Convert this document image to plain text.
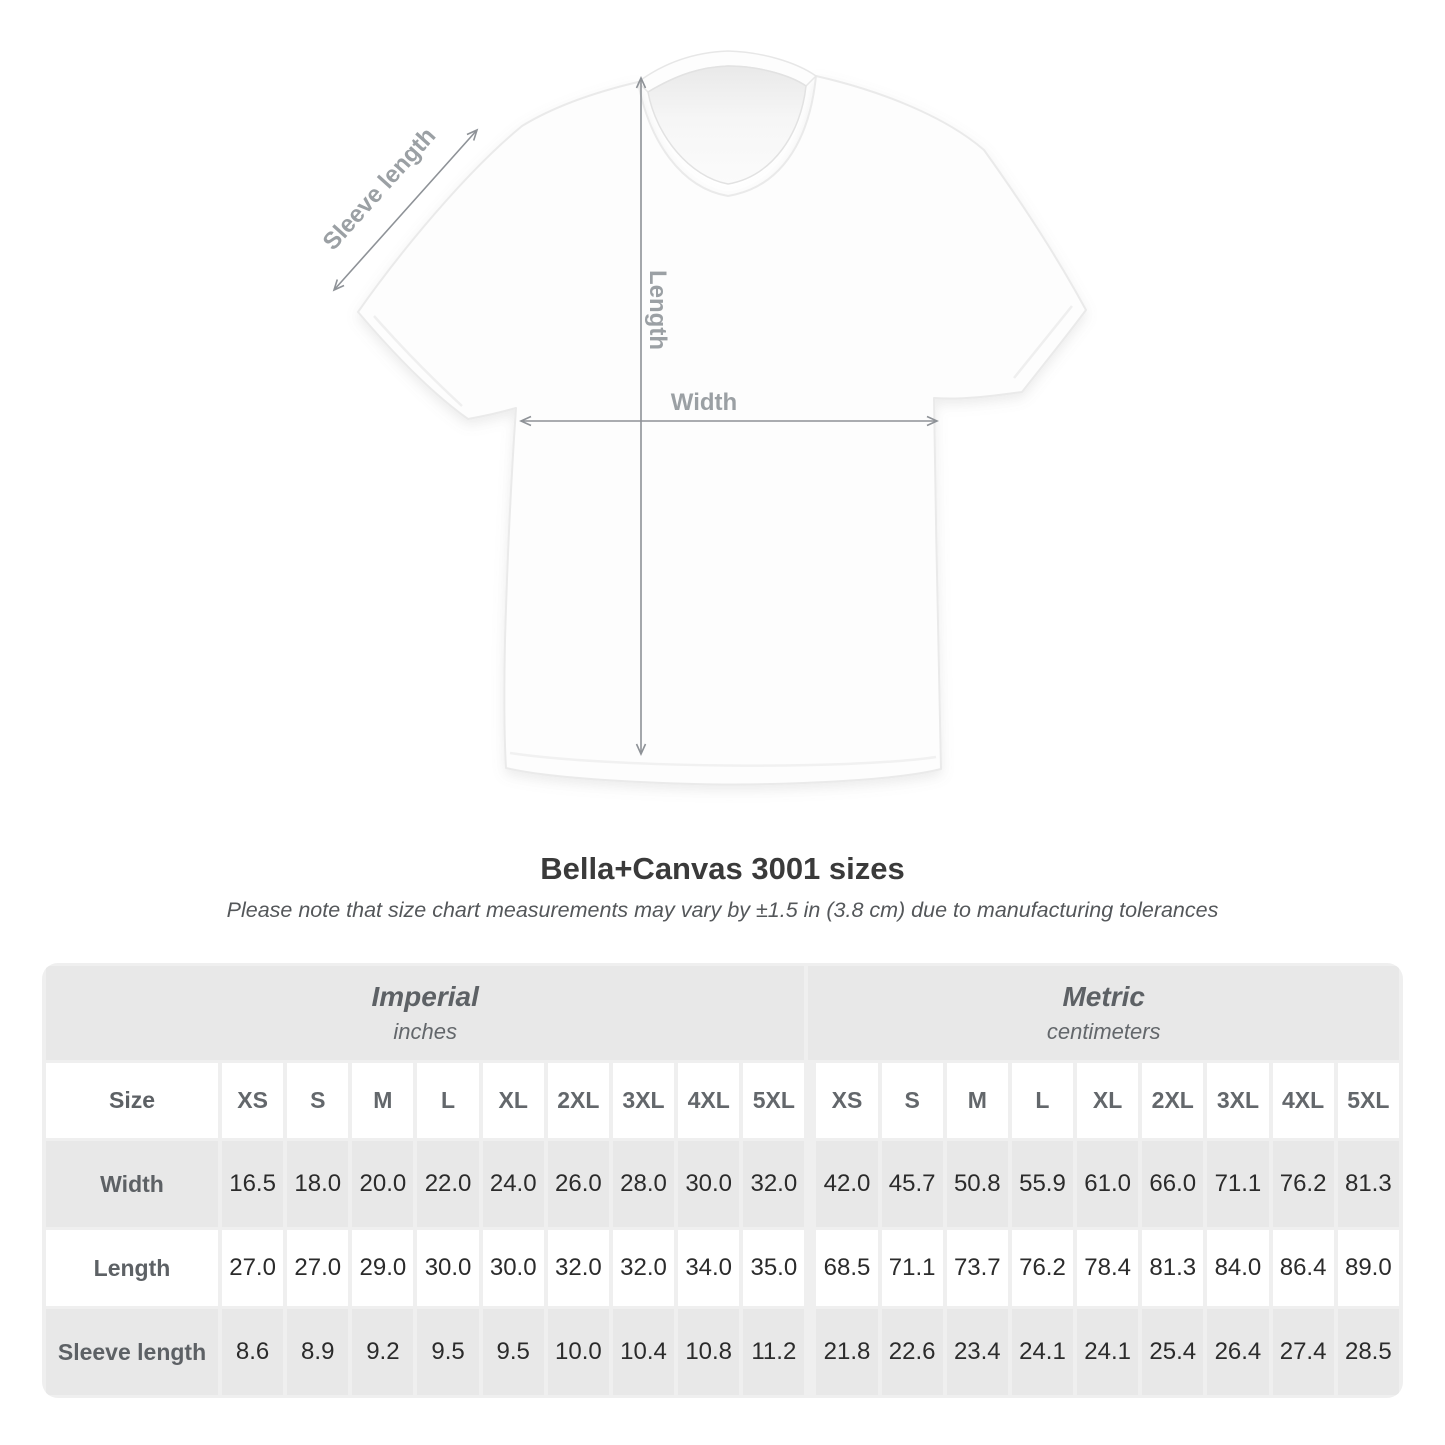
Sleeve length
Length
Width
Bella+Canvas 3001 sizes

Please note that size chart measurements may vary by ±1.5 in (3.8 cm) due to manufacturing tolerances

Imperial
inches

Metric
centimeters

Size	XS	S	M	L	XL	2XL	3XL	4XL	5XL		XS	S	M	L	XL	2XL	3XL	4XL	5XL
Width	16.5	18.0	20.0	22.0	24.0	26.0	28.0	30.0	32.0		42.0	45.7	50.8	55.9	61.0	66.0	71.1	76.2	81.3
Length	27.0	27.0	29.0	30.0	30.0	32.0	32.0	34.0	35.0		68.5	71.1	73.7	76.2	78.4	81.3	84.0	86.4	89.0
Sleeve length	8.6	8.9	9.2	9.5	9.5	10.0	10.4	10.8	11.2		21.8	22.6	23.4	24.1	24.1	25.4	26.4	27.4	28.5
